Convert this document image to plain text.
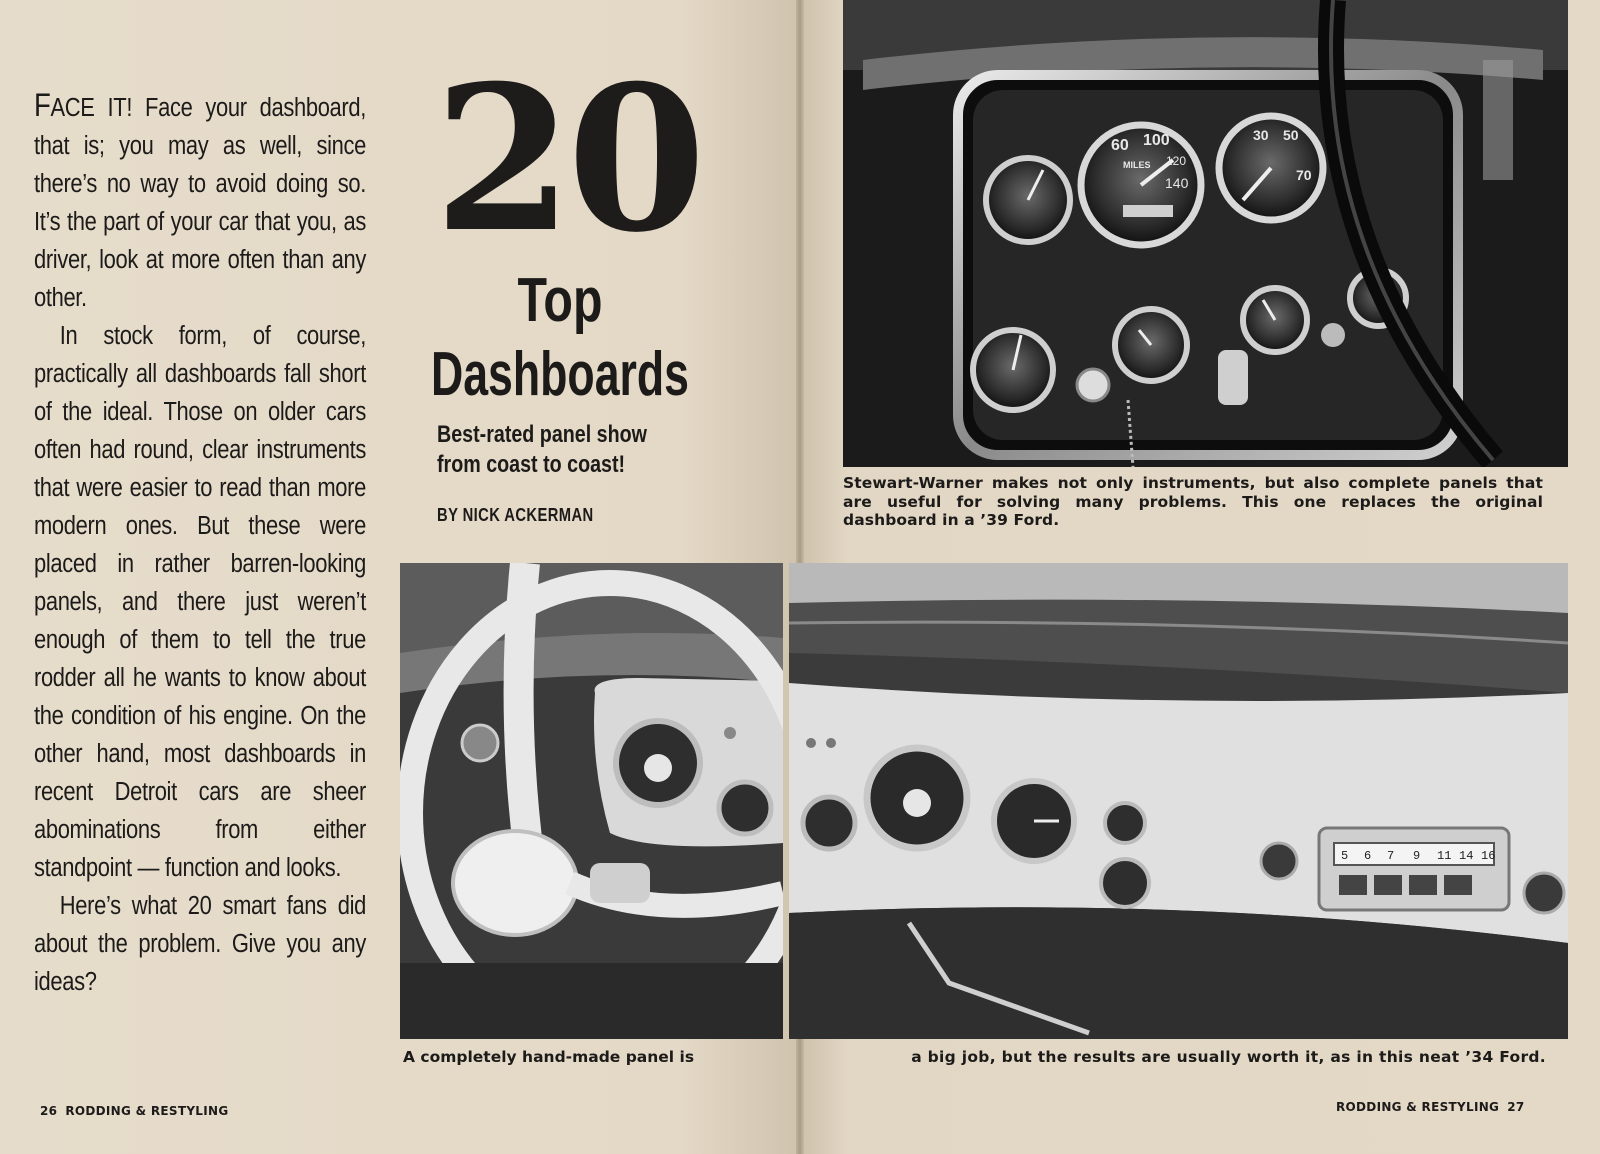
FACE IT! Face your dashboard, that is; you may as well, since there’s no way to avoid doing so. It’s the part of your car that you, as driver, look at more often than any other.

In stock form, of course, practically all dashboards fall short of the ideal. Those on older cars often had round, clear instruments that were easier to read than more modern ones. But these were placed in rather barren-looking panels, and there just weren’t enough of them to tell the true rodder all he wants to know about the condition of his engine. On the other hand, most dashboards in recent Detroit cars are sheer abominations from either standpoint — function and looks.

Here’s what 20 smart fans did about the problem. Give you any ideas?

20
Top
Dashboards
Best-rated panel show
from coast to coast!
BY NICK ACKERMAN
60 100
MILES 120
140
30 50
70
Stewart-Warner makes not only instruments, but also complete panels that are useful for solving many problems. This one replaces the original dashboard in a ’39 Ford.
A completely hand-made panel is
5 6 7 9 11 14 16
a big job, but the results are usually worth it, as in this neat ’34 Ford.
26 RODDING & RESTYLING	RODDING & RESTYLING 27
